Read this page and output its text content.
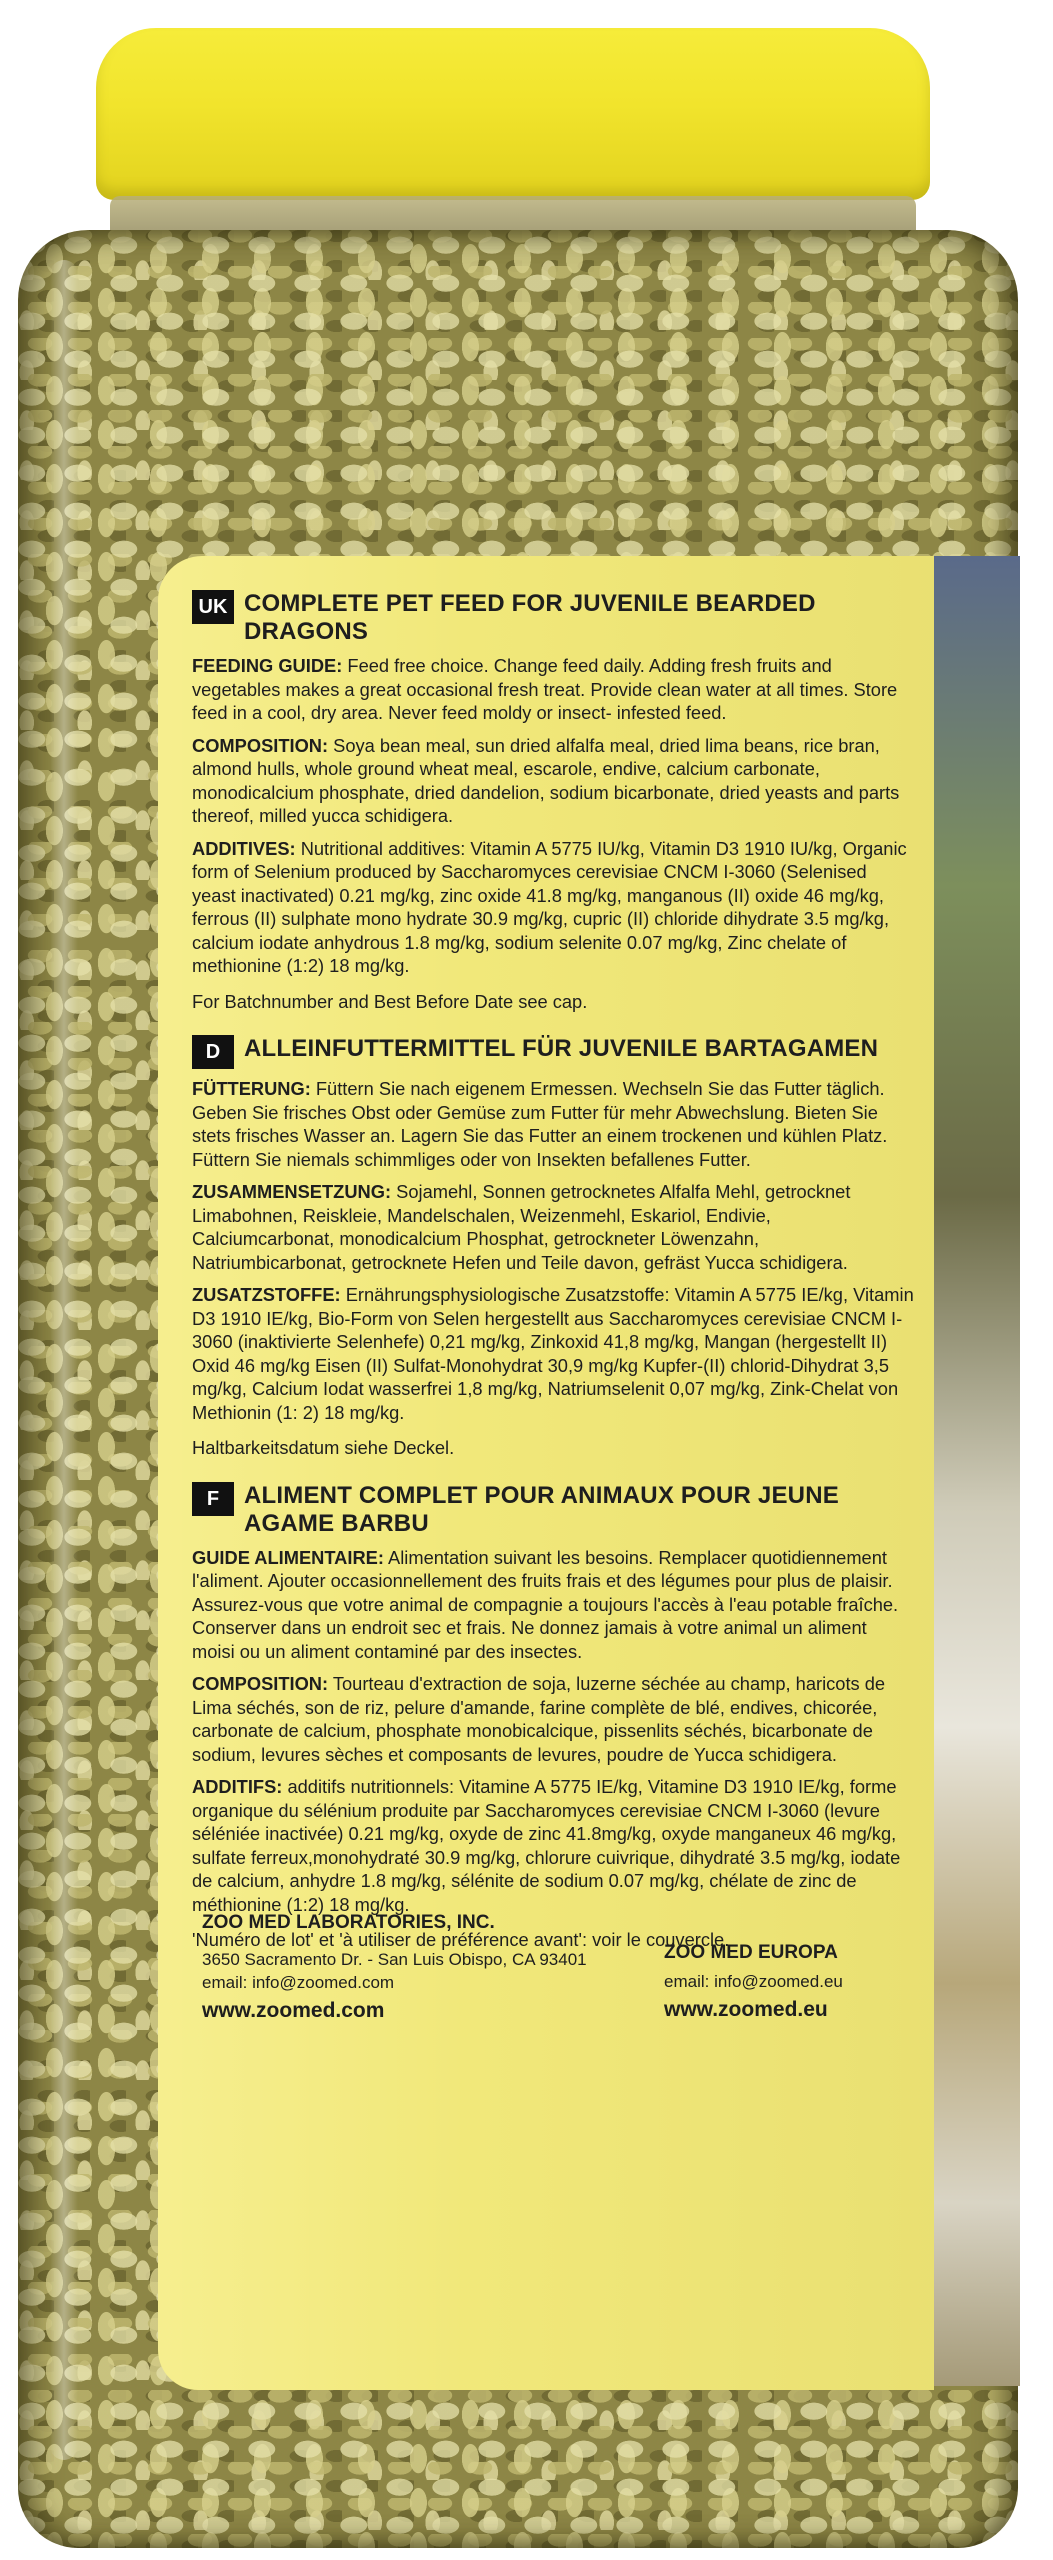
net wt
UK COMPLETE PET FEED FOR JUVENILE BEARDED DRAGONS

FEEDING GUIDE: Feed free choice. Change feed daily. Adding fresh fruits and vegetables makes a great occasional fresh treat. Provide clean water at all times. Store feed in a cool, dry area. Never feed moldy or insect- infested feed.

COMPOSITION: Soya bean meal, sun dried alfalfa meal, dried lima beans, rice bran, almond hulls, whole ground wheat meal, escarole, endive, calcium carbonate, monodicalcium phosphate, dried dandelion, sodium bicarbonate, dried yeasts and parts thereof, milled yucca schidigera.

ADDITIVES: Nutritional additives: Vitamin A 5775 IU/kg, Vitamin D3 1910 IU/kg, Organic form of Selenium produced by Saccharomyces cerevisiae CNCM I-3060 (Selenised yeast inactivated) 0.21 mg/kg, zinc oxide 41.8 mg/kg, manganous (II) oxide 46 mg/kg, ferrous (II) sulphate mono hydrate 30.9 mg/kg, cupric (II) chloride dihydrate 3.5 mg/kg, calcium iodate anhydrous 1.8 mg/kg, sodium selenite 0.07 mg/kg, Zinc chelate of methionine (1:2) 18 mg/kg.

For Batchnumber and Best Before Date see cap.

D ALLEINFUTTERMITTEL FÜR JUVENILE BARTAGAMEN

FÜTTERUNG: Füttern Sie nach eigenem Ermessen. Wechseln Sie das Futter täglich. Geben Sie frisches Obst oder Gemüse zum Futter für mehr Abwechslung. Bieten Sie stets frisches Wasser an. Lagern Sie das Futter an einem trockenen und kühlen Platz. Füttern Sie niemals schimmliges oder von Insekten befallenes Futter.

ZUSAMMENSETZUNG: Sojamehl, Sonnen getrocknetes Alfalfa Mehl, getrocknet Limabohnen, Reiskleie, Mandelschalen, Weizenmehl, Eskariol, Endivie, Calciumcarbonat, monodicalcium Phosphat, getrockneter Löwenzahn, Natriumbicarbonat, getrocknete Hefen und Teile davon, gefräst Yucca schidigera.

ZUSATZSTOFFE: Ernährungsphysiologische Zusatzstoffe: Vitamin A 5775 IE/kg, Vitamin D3 1910 IE/kg, Bio-Form von Selen hergestellt aus Saccharomyces cerevisiae CNCM I-3060 (inaktivierte Selenhefe) 0,21 mg/kg, Zinkoxid 41,8 mg/kg, Mangan (hergestellt II) Oxid 46 mg/kg Eisen (II) Sulfat-Monohydrat 30,9 mg/kg Kupfer-(II) chlorid-Dihydrat 3,5 mg/kg, Calcium Iodat wasserfrei 1,8 mg/kg, Natriumselenit 0,07 mg/kg, Zink-Chelat von Methionin (1: 2) 18 mg/kg.

Haltbarkeitsdatum siehe Deckel.

F	ALIMENT COMPLET POUR ANIMAUX POUR JEUNE AGAME BARBU

GUIDE ALIMENTAIRE: Alimentation suivant les besoins. Remplacer quotidiennement l'aliment. Ajouter occasionnellement des fruits frais et des légumes pour plus de plaisir. Assurez-vous que votre animal de compagnie a toujours l'accès à l'eau potable fraîche. Conserver dans un endroit sec et frais. Ne donnez jamais à votre animal un aliment moisi ou un aliment contaminé par des insectes.

COMPOSITION: Tourteau d'extraction de soja, luzerne séchée au champ, haricots de Lima séchés, son de riz, pelure d'amande, farine complète de blé, endives, chicorée, carbonate de calcium, phosphate monobicalcique, pissenlits séchés, bicarbonate de sodium, levures sèches et composants de levures, poudre de Yucca schidigera.

ADDITIFS: additifs nutritionnels: Vitamine A 5775 IE/kg, Vitamine D3 1910 IE/kg, forme organique du sélénium produite par Saccharomyces cerevisiae CNCM I-3060 (levure séléniée inactivée) 0.21 mg/kg, oxyde de zinc 41.8mg/kg, oxyde manganeux 46 mg/kg, sulfate ferreux,monohydraté 30.9 mg/kg, chlorure cuivrique, dihydraté 3.5 mg/kg, iodate de calcium, anhydre 1.8 mg/kg, sélénite de sodium 0.07 mg/kg, chélate de zinc de méthionine (1:2) 18 mg/kg.

'Numéro de lot' et 'à utiliser de préférence avant': voir le couvercle.

ZOO MED LABORATORIES, INC.
3650 Sacramento Dr. - San Luis Obispo, CA 93401
email: info@zoomed.com
www.zoomed.com
ZOO MED EUROPA
email: info@zoomed.eu
www.zoomed.eu
